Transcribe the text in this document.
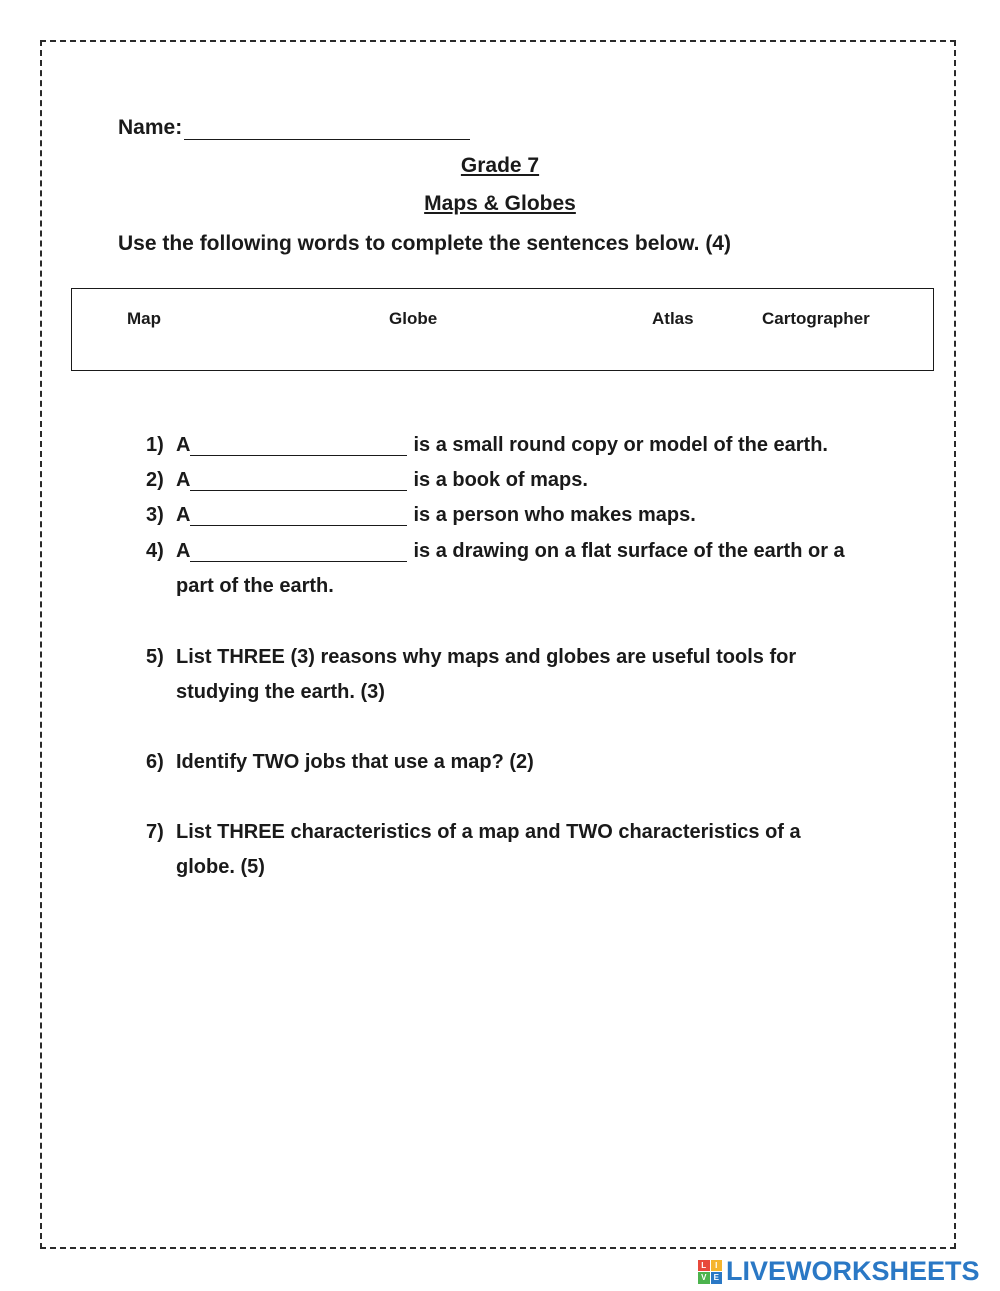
Name:
Grade 7
Maps & Globes
Use the following words to complete the sentences below. (4)
Map	Globe	Atlas	Cartographer
1) A	is a small round copy or model of the earth.
2) A	is a book of maps.
3) A	is a person who makes maps.
4) A	is a drawing on a flat surface of the earth or a
part of the earth.
5) List THREE (3) reasons why maps and globes are useful tools for
studying the earth. (3)
6) Identify TWO jobs that use a map? (2)
7) List THREE characteristics of a map and TWO characteristics of a
globe. (5)
L	I
V E LIVEWORKSHEETS
